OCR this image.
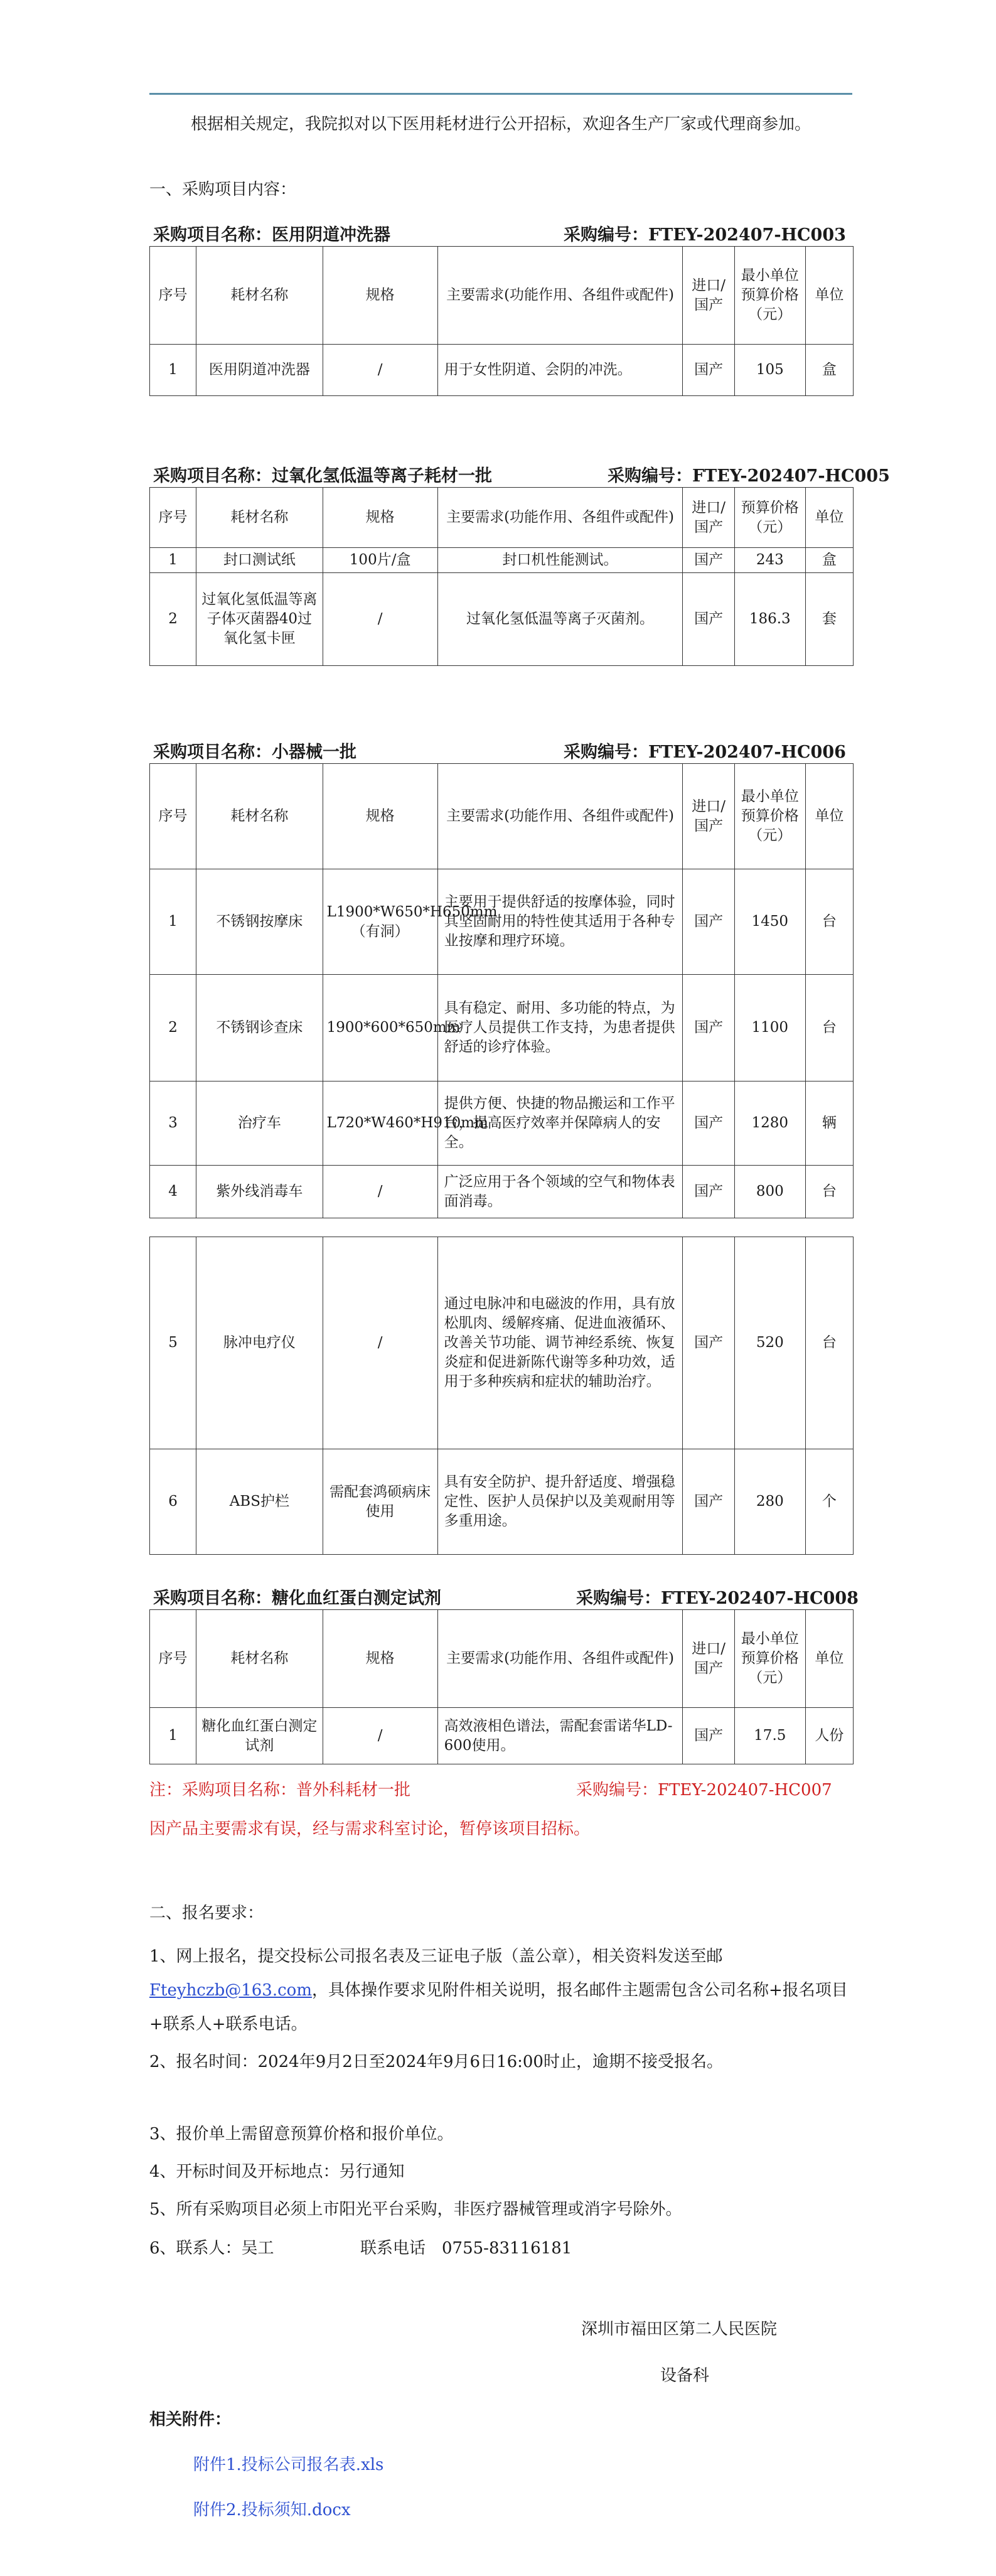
根据相关规定，我院拟对以下医用耗材进行公开招标，欢迎各生产厂家或代理商参加。
一、采购项目内容：
采购项目名称：医用阴道冲洗器	采购编号：FTEY-202407-HC003
序号	耗材名称	规格	主要需求(功能作用、各组件或配件)	进口/国产	最小单位预算价格（元）	单位
1	医用阴道冲洗器	/	用于女性阴道、会阴的冲洗。	国产	105	盒
采购项目名称：过氧化氢低温等离子耗材一批	采购编号：FTEY-202407-HC005
序号	耗材名称	规格	主要需求(功能作用、各组件或配件)	进口/国产	预算价格（元）	单位
1	封口测试纸	100片/盒	封口机性能测试。	国产	243	盒
2	过氧化氢低温等离子体灭菌器40过氧化氢卡匣	/	过氧化氢低温等离子灭菌剂。	国产	186.3	套
采购项目名称：小器械一批	采购编号：FTEY-202407-HC006
序号	耗材名称	规格	主要需求(功能作用、各组件或配件)	进口/国产	最小单位预算价格（元）	单位
1	不锈钢按摩床	L1900*W650*H650mm（有洞）	主要用于提供舒适的按摩体验，同时其坚固耐用的特性使其适用于各种专业按摩和理疗环境。	国产	1450	台
2	不锈钢诊查床	1900*600*650mm	具有稳定、耐用、多功能的特点，为医疗人员提供工作支持，为患者提供舒适的诊疗体验。	国产	1100	台
3	治疗车	L720*W460*H910mm	提供方便、快捷的物品搬运和工作平台，提高医疗效率并保障病人的安全。	国产	1280	辆
4	紫外线消毒车	/	广泛应用于各个领域的空气和物体表面消毒。	国产	800	台
5	脉冲电疗仪	/	通过电脉冲和电磁波的作用，具有放松肌肉、缓解疼痛、促进血液循环、改善关节功能、调节神经系统、恢复炎症和促进新陈代谢等多种功效，适用于多种疾病和症状的辅助治疗。	国产	520	台
6	ABS护栏	需配套鸿硕病床使用	具有安全防护、提升舒适度、增强稳定性、医护人员保护以及美观耐用等多重用途。	国产	280	个
采购项目名称：糖化血红蛋白测定试剂	采购编号：FTEY-202407-HC008
序号	耗材名称	规格	主要需求(功能作用、各组件或配件)	进口/国产	最小单位预算价格（元）	单位
1	糖化血红蛋白测定试剂	/	高效液相色谱法，需配套雷诺华LD-600使用。	国产	17.5	人份
注：采购项目名称：普外科耗材一批	采购编号：FTEY-202407-HC007
因产品主要需求有误，经与需求科室讨论，暂停该项目招标。
二、报名要求：
1、网上报名，提交投标公司报名表及三证电子版（盖公章），相关资料发送至邮Fteyhczb@163.com，具体操作要求见附件相关说明，报名邮件主题需包含公司名称+报名项目+联系人+联系电话。
2、报名时间：2024年9月2日至2024年9月6日16:00时止，逾期不接受报名。
3、报价单上需留意预算价格和报价单位。
4、开标时间及开标地点：另行通知
5、所有采购项目必须上市阳光平台采购，非医疗器械管理或消字号除外。
6、联系人：吴工	联系电话　0755-83116181
深圳市福田区第二人民医院
设备科
相关附件：
附件1.投标公司报名表.xls
附件2.投标须知.docx
